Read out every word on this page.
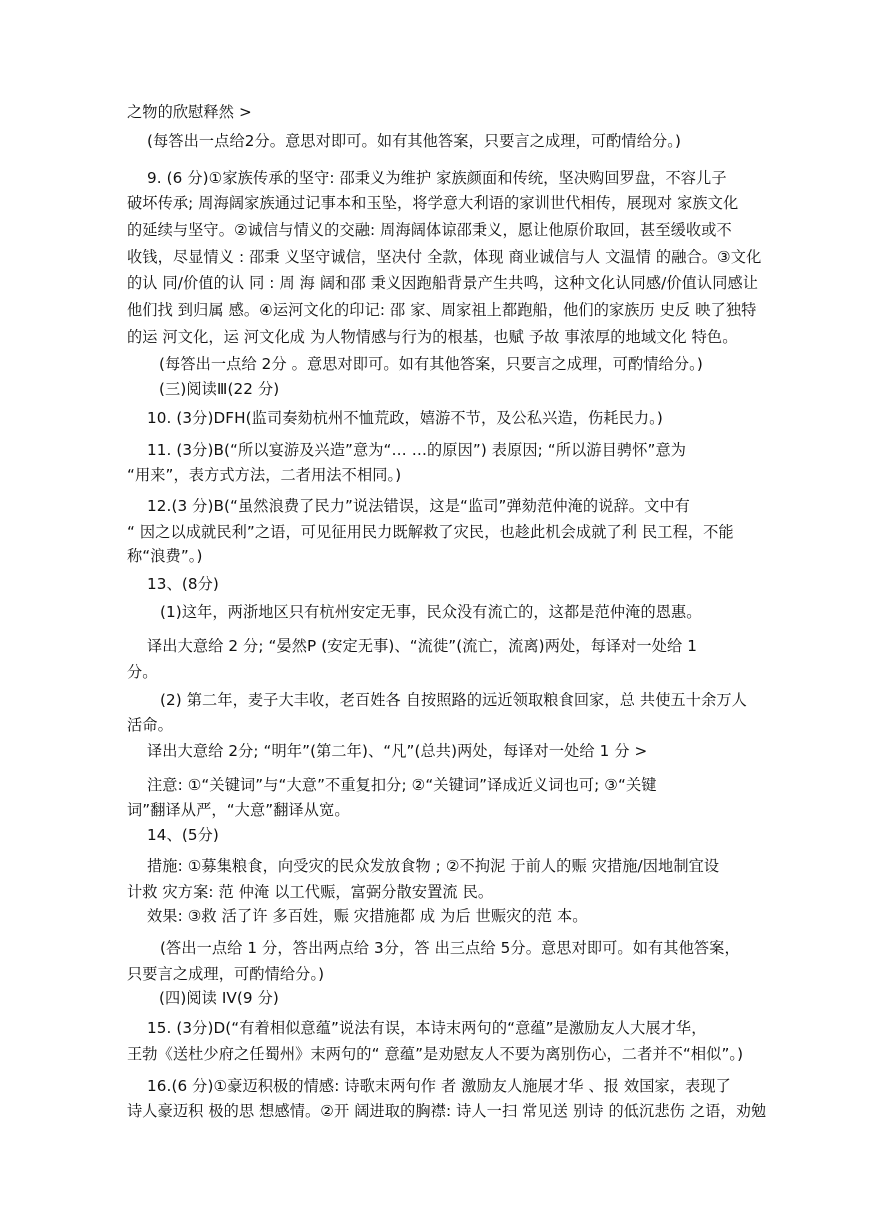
之物的欣慰释然 >

(每答出一点给2分。意思对即可。如有其他答案，只要言之成理，可酌情给分。)

9. (6 分)①家族传承的坚守: 邵秉义为维护 家族颜面和传统，坚决购回罗盘，不容儿子

破坏传承; 周海阔家族通过记事本和玉坠，将学意大利语的家训世代相传，展现对 家族文化

的延续与坚守。②诚信与情义的交融: 周海阔体谅邵秉义，愿让他原价取回，甚至缓收或不

收钱，尽显情义 : 邵秉 义坚守诚信，坚决付 全款，体现 商业诚信与人 文温情 的融合。③文化

的认 同/价值的认 同 : 周 海 阔和邵 秉义因跑船背景产生共鸣，这种文化认同感/价值认同感让

他们找 到归属 感。④运河文化的印记: 邵 家、周家祖上都跑船，他们的家族历 史反 映了独特

的运 河文化，运 河文化成 为人物情感与行为的根基，也赋 予故 事浓厚的地域文化 特色。

(每答出一点给 2分 。意思对即可。如有其他答案，只要言之成理，可酌情给分。)

(三)阅读Ⅲ(22 分)

10. (3分)DFH(监司奏劾杭州不恤荒政，嬉游不节，及公私兴造，伤耗民力。)

11. (3分)B(“所以宴游及兴造”意为“… …的原因”) 表原因; “所以游目骋怀”意为

“用来”，表方式方法，二者用法不相同。)

12.(3 分)B(“虽然浪费了民力”说法错误，这是“监司”弹劾范仲淹的说辞。文中有

“ 因之以成就民利”之语，可见征用民力既解救了灾民，也趁此机会成就了利 民工程，不能

称“浪费”。)

13、(8分)

(1)这年，两浙地区只有杭州安定无事，民众没有流亡的，这都是范仲淹的恩惠。

译出大意给 2 分; “晏然P (安定无事)、“流徙”(流亡，流离)两处，每译对一处给 1

分。

(2) 第二年，麦子大丰收，老百姓各 自按照路的远近领取粮食回家，总 共使五十余万人

活命。

译出大意给 2分; “明年”(第二年)、“凡”(总共)两处，每译对一处给 1 分 >

注意: ①“关键词”与“大意”不重复扣分; ②“关键词”译成近义词也可; ③“关键

词”翻译从严，“大意”翻译从宽。

14、(5分)

措施: ①募集粮食，向受灾的民众发放食物 ; ②不拘泥 于前人的赈 灾措施/因地制宜设

计救 灾方案: 范 仲淹 以工代赈，富弼分散安置流 民。

效果: ③救 活了许 多百姓，赈 灾措施都 成 为后 世赈灾的范 本。

(答出一点给 1 分，答出两点给 3分，答 出三点给 5分。意思对即可。如有其他答案，

只要言之成理，可酌情给分。)

(四)阅读 IV(9 分)

15. (3分)D(“有着相似意蕴”说法有误，本诗末两句的“意蕴”是激励友人大展才华，

王勃《送杜少府之任蜀州》末两句的“ 意蕴”是劝慰友人不要为离别伤心，二者并不“相似”。)

16.(6 分)①豪迈积极的情感: 诗歌末两句作 者 激励友人施展才华 、报 效国家，表现了

诗人豪迈积 极的思 想感情。②开 阔进取的胸襟: 诗人一扫 常见送 别诗 的低沉悲伤 之语，劝勉
